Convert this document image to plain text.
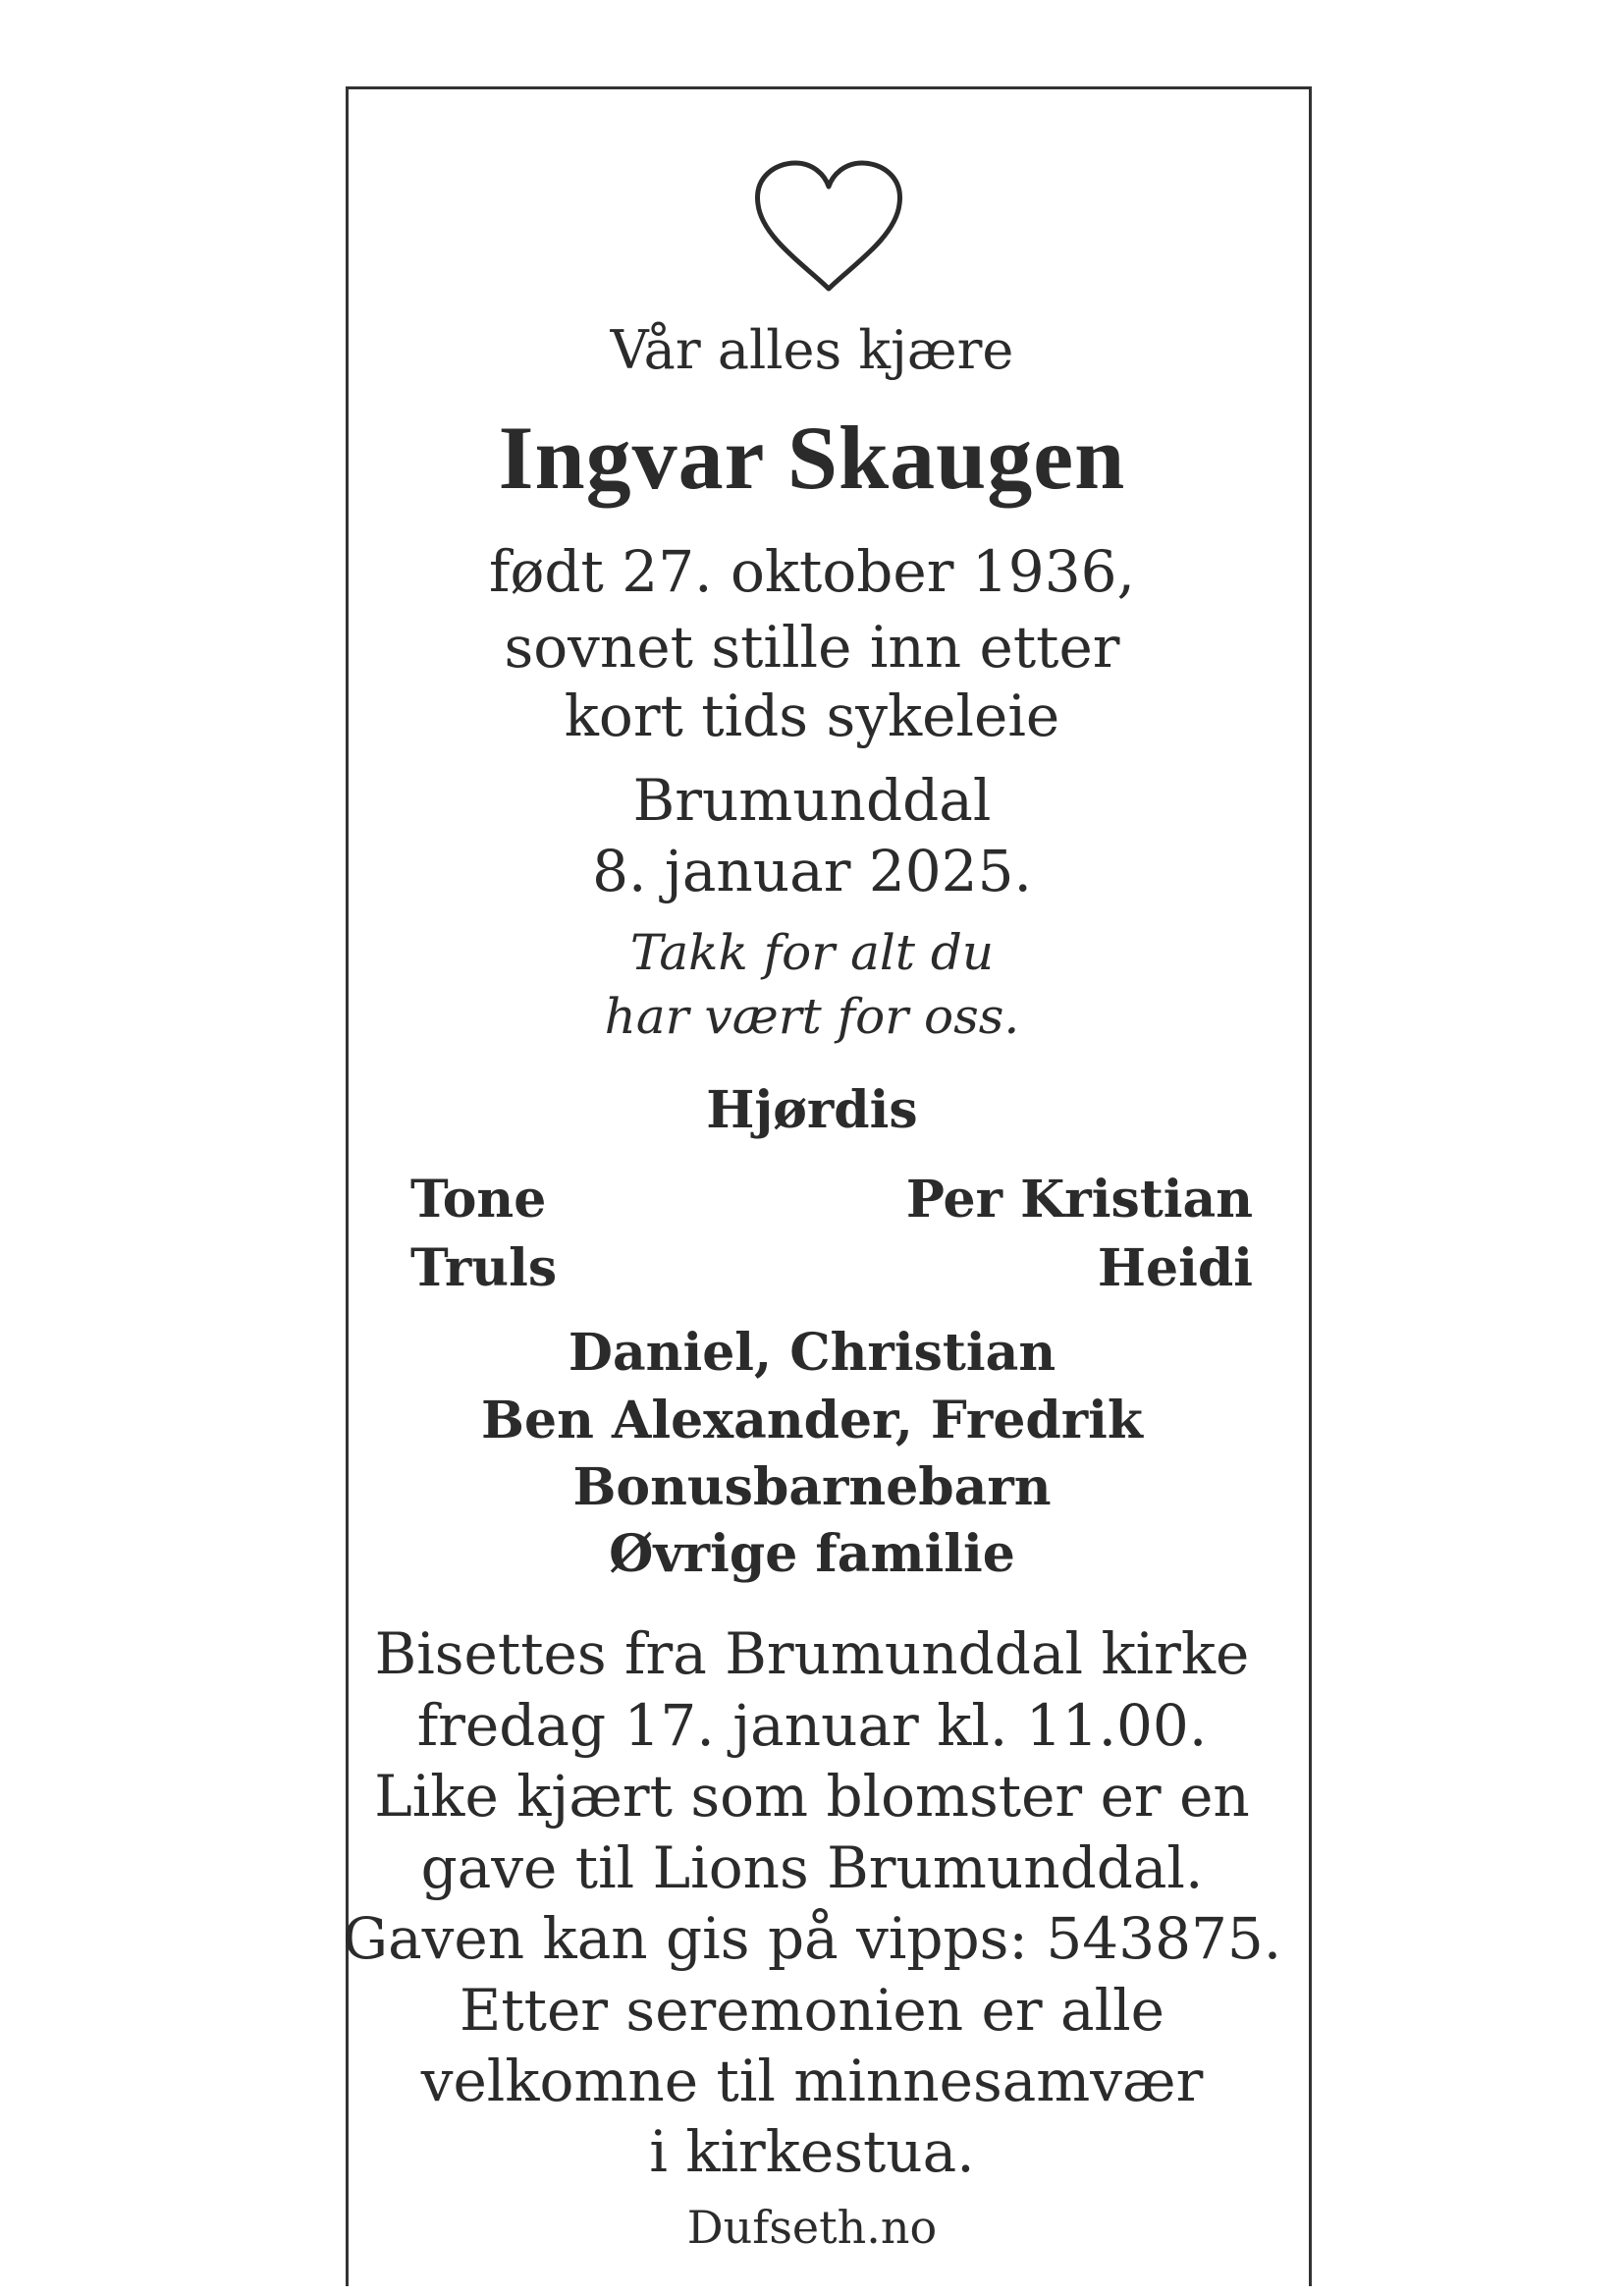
Vår alles kjære
Ingvar Skaugen
født 27. oktober 1936,
sovnet stille inn etter
kort tids sykeleie
Brumunddal
8. januar 2025.
Takk for alt du
har vært for oss.
Hjørdis
Tone
Truls
Per Kristian
Heidi
Daniel, Christian
Ben Alexander, Fredrik
Bonusbarnebarn
Øvrige familie
Bisettes fra Brumunddal kirke
fredag 17. januar kl. 11.00.
Like kjært som blomster er en
gave til Lions Brumunddal.
Gaven kan gis på vipps: 543875.
Etter seremonien er alle
velkomne til minnesamvær
i kirkestua.
Dufseth.no
